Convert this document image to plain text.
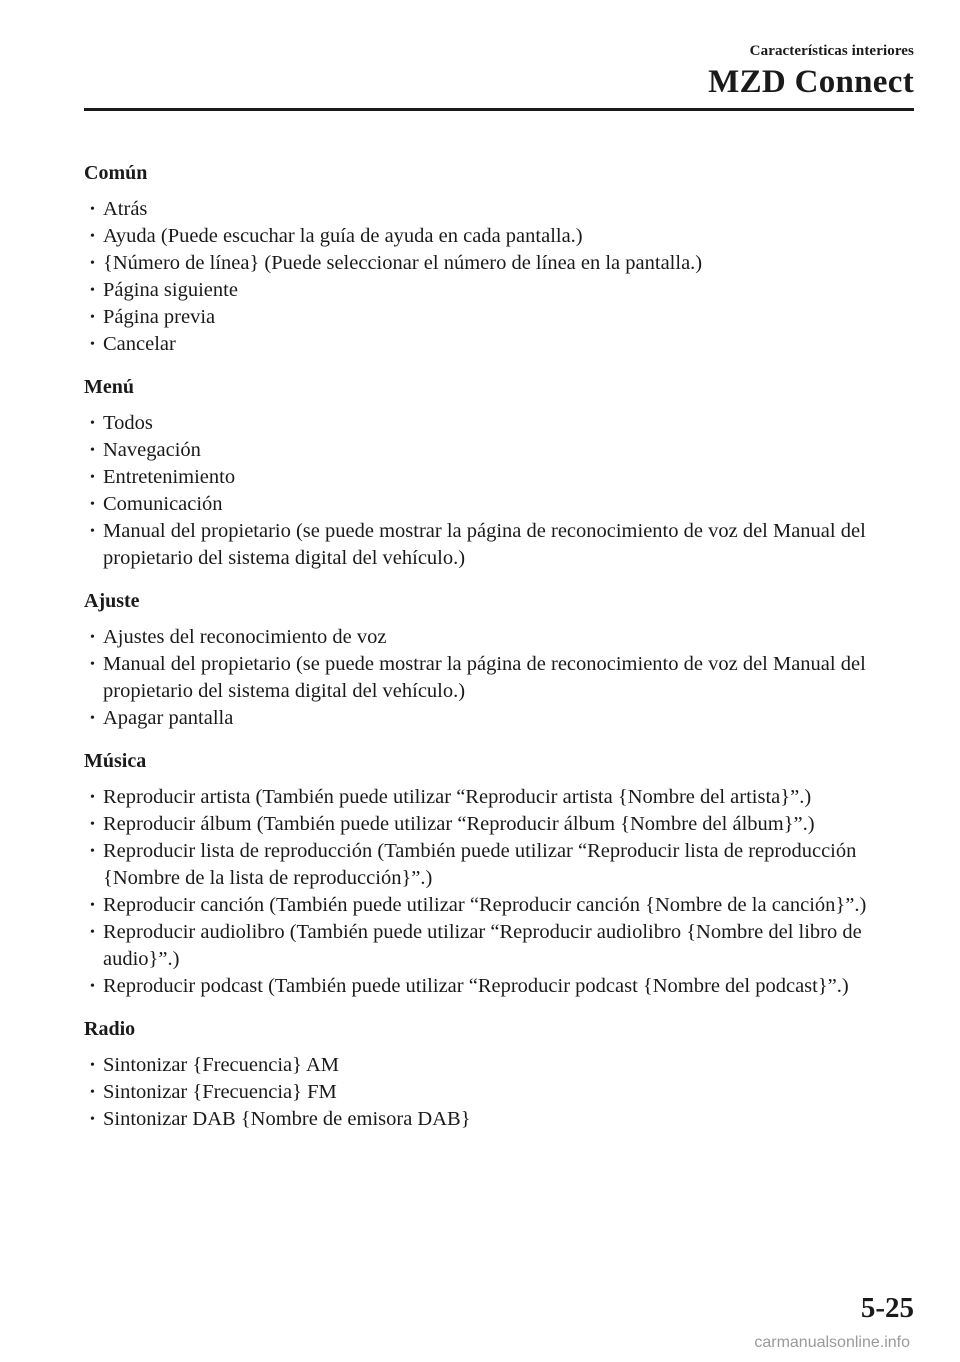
Características interiores
MZD Connect
Común
• Atrás
• Ayuda (Puede escuchar la guía de ayuda en cada pantalla.)
• {Número de línea} (Puede seleccionar el número de línea en la pantalla.)
• Página siguiente
• Página previa
• Cancelar
Menú
• Todos
• Navegación
• Entretenimiento
• Comunicación
• Manual del propietario (se puede mostrar la página de reconocimiento de voz del Manual del propietario del sistema digital del vehículo.)
Ajuste
• Ajustes del reconocimiento de voz
• Manual del propietario (se puede mostrar la página de reconocimiento de voz del Manual del propietario del sistema digital del vehículo.)
• Apagar pantalla
Música
• Reproducir artista (También puede utilizar “Reproducir artista {Nombre del artista}”.)
• Reproducir álbum (También puede utilizar “Reproducir álbum {Nombre del álbum}”.)
• Reproducir lista de reproducción (También puede utilizar “Reproducir lista de reproducción {Nombre de la lista de reproducción}”.)
• Reproducir canción (También puede utilizar “Reproducir canción {Nombre de la canción}”.)
• Reproducir audiolibro (También puede utilizar “Reproducir audiolibro {Nombre del libro de audio}”.)
• Reproducir podcast (También puede utilizar “Reproducir podcast {Nombre del podcast}”.)
Radio
• Sintonizar {Frecuencia} AM
• Sintonizar {Frecuencia} FM
• Sintonizar DAB {Nombre de emisora DAB}
5-25
carmanualsonline.info
